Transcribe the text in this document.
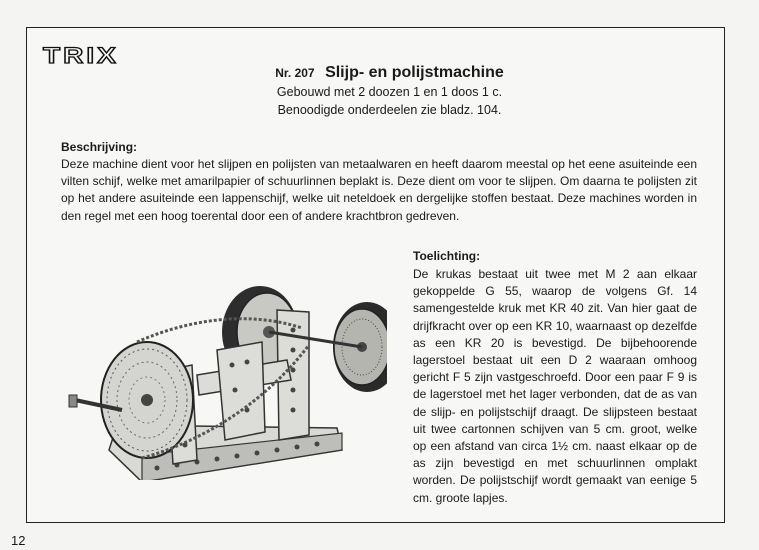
TRIX
Nr. 207 Slijp- en polijstmachine
Gebouwd met 2 doozen 1 en 1 doos 1 c.
Benoodigde onderdeelen zie bladz. 104.
Beschrijving:
Deze machine dient voor het slijpen en polijsten van metaalwaren en heeft daarom meestal op het eene asuiteinde een vilten schijf, welke met amarilpapier of schuurlinnen beplakt is. Deze dient om voor te slijpen. Om daarna te polijsten zit op het andere asuiteinde een lappenschijf, welke uit neteldoek en dergelijke stoffen bestaat. Deze machines worden in den regel met een hoog toerental door een of andere krachtbron gedreven.
Toelichting:
De krukas bestaat uit twee met M 2 aan elkaar gekoppelde G 55, waarop de volgens Gf. 14 samengestelde kruk met KR 40 zit. Van hier gaat de drijfkracht over op een KR 10, waarnaast op dezelfde as een KR 20 is bevestigd. De bijbehoorende lagerstoel bestaat uit een D 2 waaraan omhoog gericht F 5 zijn vastgeschroefd. Door een paar F 9 is de lagerstoel met het lager verbonden, dat de as van de slijp- en polijstschijf draagt. De slijpsteen bestaat uit twee cartonnen schijven van 5 cm. groot, welke op een afstand van circa 1½ cm. naast elkaar op de as zijn bevestigd en met schuurlinnen omplakt worden. De polijstschijf wordt gemaakt van eenige 5 cm. groote lapjes.
12
